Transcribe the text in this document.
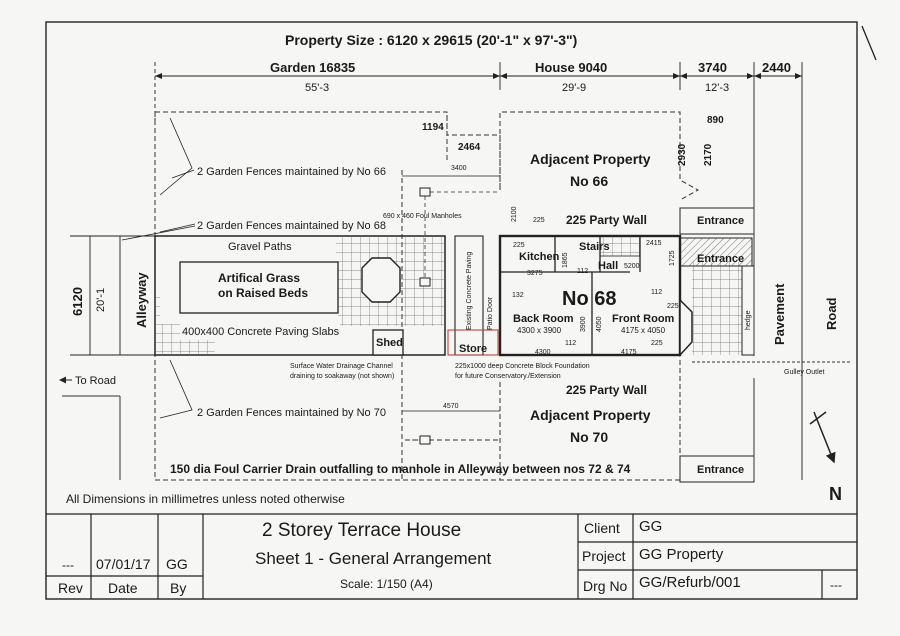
Property Size : 6120 x 29615 (20'-1" x 97'-3")
Garden 16835
55'-3
House 9040
29'-9
3740
12'-3
2440
6120 20'-1 Alleyway
To Road
2 Garden Fences maintained by No 66
2 Garden Fences maintained by No 68
2 Garden Fences maintained by No 70
Gravel Paths
Artifical Grass
on Raised Beds
400x400 Concrete Paving Slabs
Shed
690 x 460 Foul Manholes
Existing Concrete Paving Patio Door
Kitchen
Stairs
Hall
No 68
Back Room
4300 x 3900
Front Room
4175 x 4050
Store
1194
2464
3400
2100 225
225
3275
1865
112
5200
2415
1725
112
225
132
3900 4050
112	225
4300	4175
4570
2930 2170
890
Adjacent Property
No 66
225 Party Wall
Adjacent Property
No 70
225 Party Wall
Entrance
Entrance
Entrance
hedge Pavement	Road
Gulley Outlet
Surface Water Drainage Channel
draining to soakaway (not shown)
225x1000 deep Concrete Block Foundation
for future Conservatory./Extension
150 dia Foul Carrier Drain outfalling to manhole in Alleyway between nos 72 & 74
All Dimensions in millimetres unless noted otherwise	N
--- 07/01/17 GG
Rev Date By
2 Storey Terrace House
Sheet 1 - General Arrangement
Scale: 1/150 (A4)
Client GG
Project GG Property
Drg No GG/Refurb/001	---
